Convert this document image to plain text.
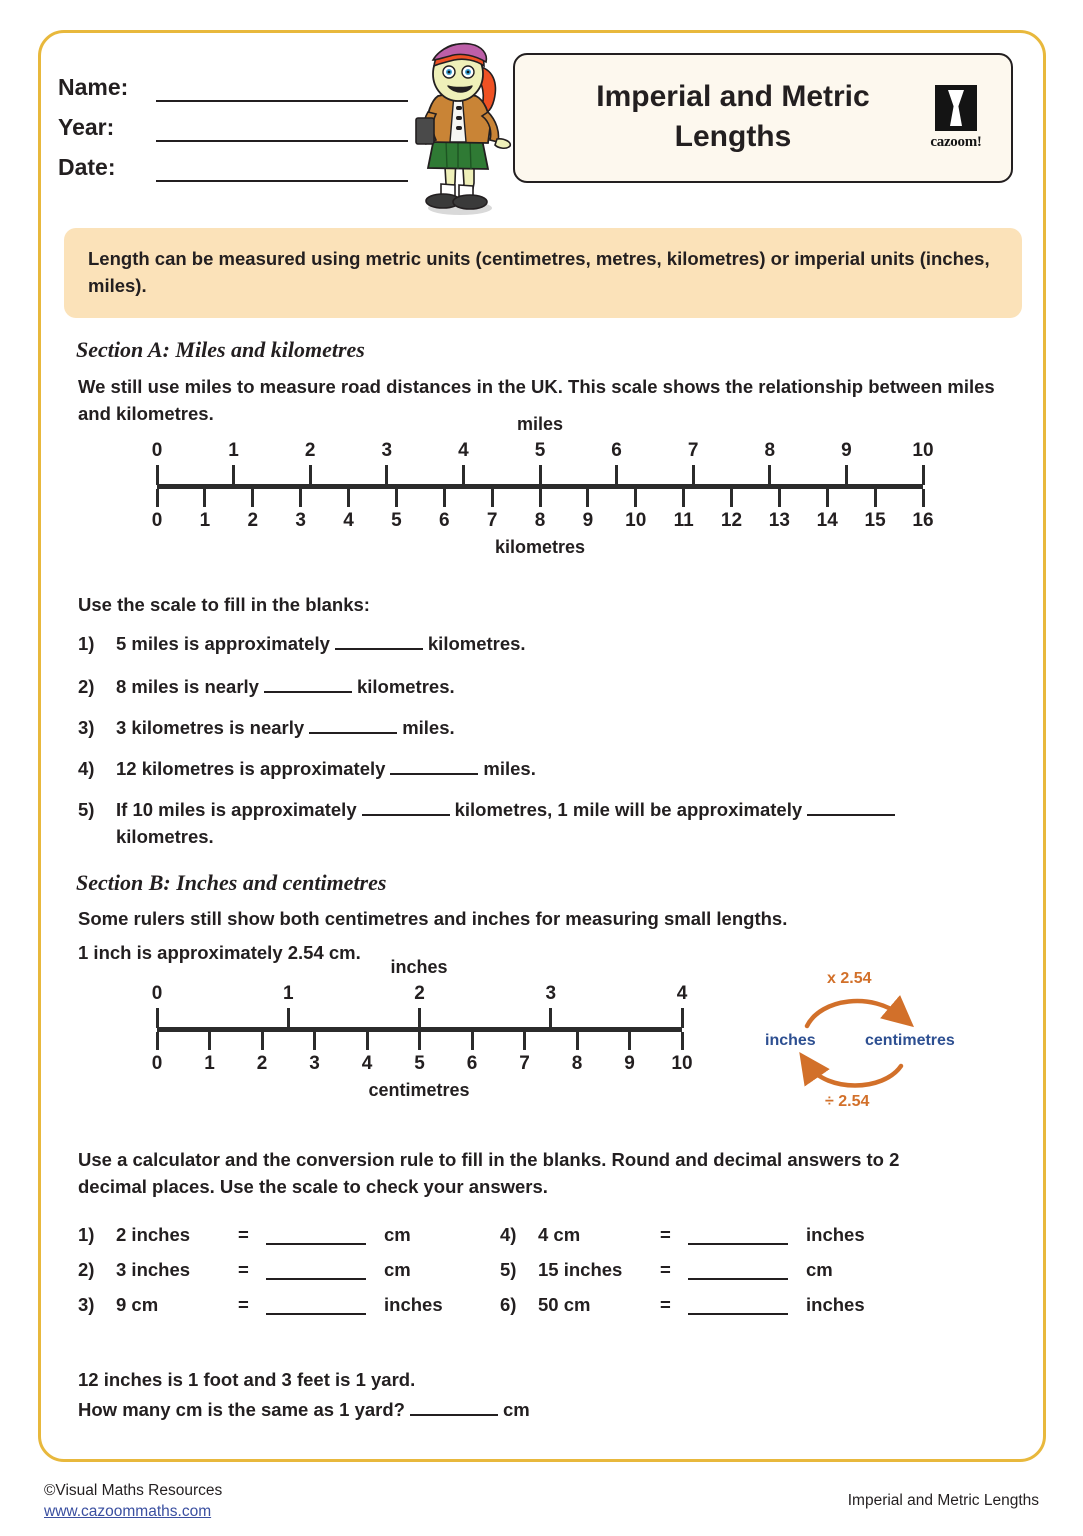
Name:
Year:
Date:
Imperial and Metric Lengths	cazoom!
Length can be measured using metric units (centimetres, metres, kilometres) or imperial units (inches, miles).
Section A: Miles and kilometres
We still use miles to measure road distances in the UK. This scale shows the relationship between miles and kilometres.	miles
kilometres
0 1 2 3 4 5 6 7 8 9 10 11 12 13 14 15 16
0	1	2	3	4	5	6	7	8	9	10
Use the scale to fill in the blanks:
1) 5 miles is approximately	kilometres.
2) 8 miles is nearly	kilometres.
3) 3 kilometres is nearly	miles.
4) 12 kilometres is approximately	miles.
5) If 10 miles is approximately	kilometres, 1 mile will be approximately
kilometres.
Section B: Inches and centimetres
Some rulers still show both centimetres and inches for measuring small lengths.
1 inch is approximately 2.54 cm.
inches
centimetres
0 1 2 3 4 5 6 7 8 9 10
0	1	2	3	4
x 2.54
inches	centimetres
÷ 2.54
Use a calculator and the conversion rule to fill in the blanks. Round and decimal answers to 2 decimal places. Use the scale to check your answers.
1)	2 inches	=	cm
2)	3 inches	=	cm
3)	9 cm	=	inches
4)	4 cm	=	inches
5)	15 inches	=	cm
6)	50 cm	=	inches
12 inches is 1 foot and 3 feet is 1 yard.
How many cm is the same as 1 yard?	cm
©Visual Maths Resources
www.cazoommaths.com
Imperial and Metric Lengths
